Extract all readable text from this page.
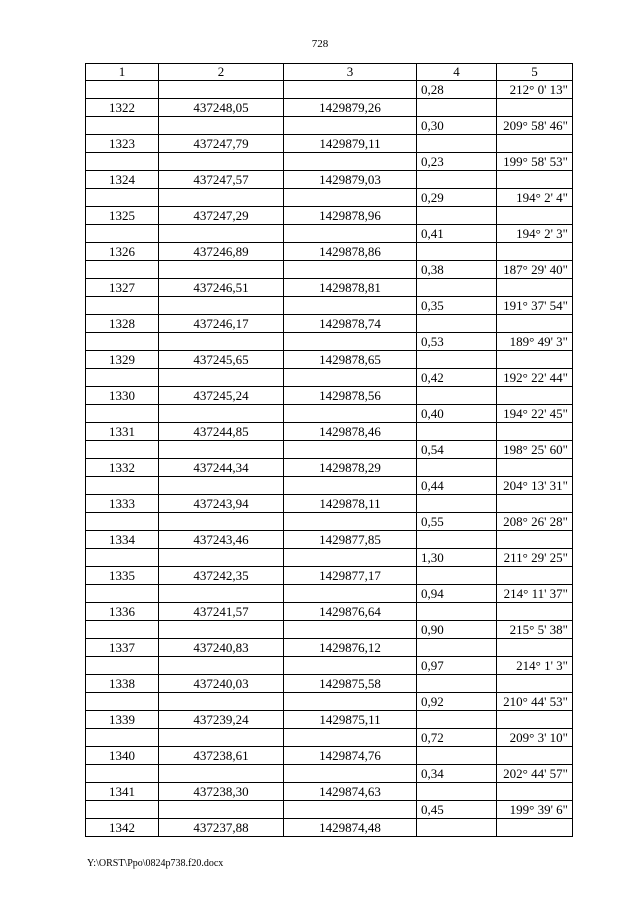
728
1	2	3	4	5
			0,28	212° 0' 13"
1322	437248,05	1429879,26		
			0,30	209° 58' 46"
1323	437247,79	1429879,11		
			0,23	199° 58' 53"
1324	437247,57	1429879,03		
			0,29	194° 2' 4"
1325	437247,29	1429878,96		
			0,41	194° 2' 3"
1326	437246,89	1429878,86		
			0,38	187° 29' 40"
1327	437246,51	1429878,81		
			0,35	191° 37' 54"
1328	437246,17	1429878,74		
			0,53	189° 49' 3"
1329	437245,65	1429878,65		
			0,42	192° 22' 44"
1330	437245,24	1429878,56		
			0,40	194° 22' 45"
1331	437244,85	1429878,46		
			0,54	198° 25' 60"
1332	437244,34	1429878,29		
			0,44	204° 13' 31"
1333	437243,94	1429878,11		
			0,55	208° 26' 28"
1334	437243,46	1429877,85		
			1,30	211° 29' 25"
1335	437242,35	1429877,17		
			0,94	214° 11' 37"
1336	437241,57	1429876,64		
			0,90	215° 5' 38"
1337	437240,83	1429876,12		
			0,97	214° 1' 3"
1338	437240,03	1429875,58		
			0,92	210° 44' 53"
1339	437239,24	1429875,11		
			0,72	209° 3' 10"
1340	437238,61	1429874,76		
			0,34	202° 44' 57"
1341	437238,30	1429874,63		
			0,45	199° 39' 6"
1342	437237,88	1429874,48		
Y:\ORST\Ppo\0824p738.f20.docx
